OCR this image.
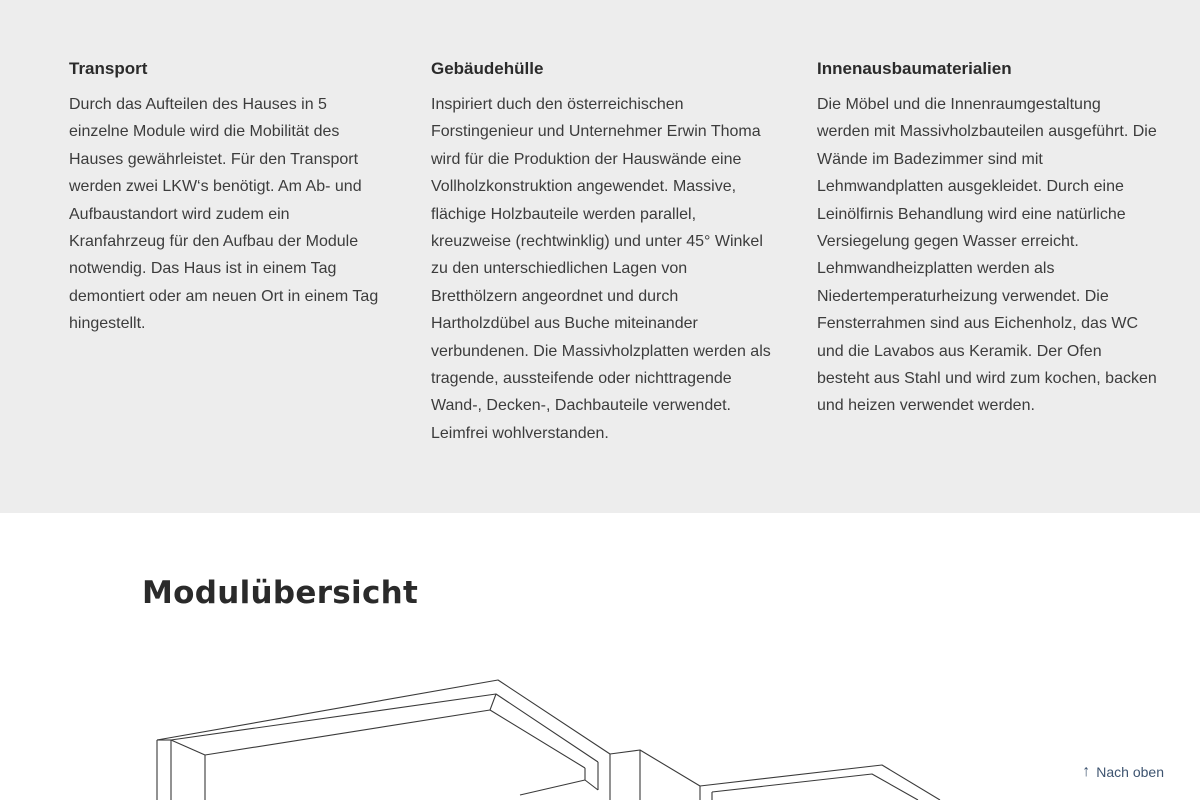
Transport

Durch das Aufteilen des Hauses in 5 einzelne Module wird die Mobilität des Hauses gewährleistet. Für den Transport werden zwei LKW‘s benötigt. Am Ab- und Aufbaustandort wird zudem ein Kranfahrzeug für den Aufbau der Module notwendig. Das Haus ist in einem Tag demontiert oder am neuen Ort in einem Tag hingestellt.

Gebäudehülle

Inspiriert duch den österreichischen Forstingenieur und Unternehmer Erwin Thoma wird für die Produktion der Hauswände eine Vollholzkonstruktion angewendet. Massive, flächige Holzbauteile werden parallel, kreuzweise (rechtwinklig) und unter 45° Winkel zu den unterschiedlichen Lagen von Bretthölzern angeordnet und durch Hartholzdübel aus Buche miteinander verbundenen. Die Massivholzplatten werden als tragende, aussteifende oder nichttragende Wand-, Decken-, Dachbauteile verwendet. Leimfrei wohlverstanden.

Innenausbaumaterialien

Die Möbel und die Innenraumgestaltung werden mit Massivholzbauteilen ausgeführt. Die Wände im Badezimmer sind mit Lehmwandplatten ausgekleidet. Durch eine Leinölfirnis Behandlung wird eine natürliche Versiegelung gegen Wasser erreicht. Lehmwandheizplatten werden als Niedertemperaturheizung verwendet. Die Fensterrahmen sind aus Eichenholz, das WC und die Lavabos aus Keramik. Der Ofen besteht aus Stahl und wird zum kochen, backen und heizen verwendet werden.

Modulübersicht
↑ Nach oben
